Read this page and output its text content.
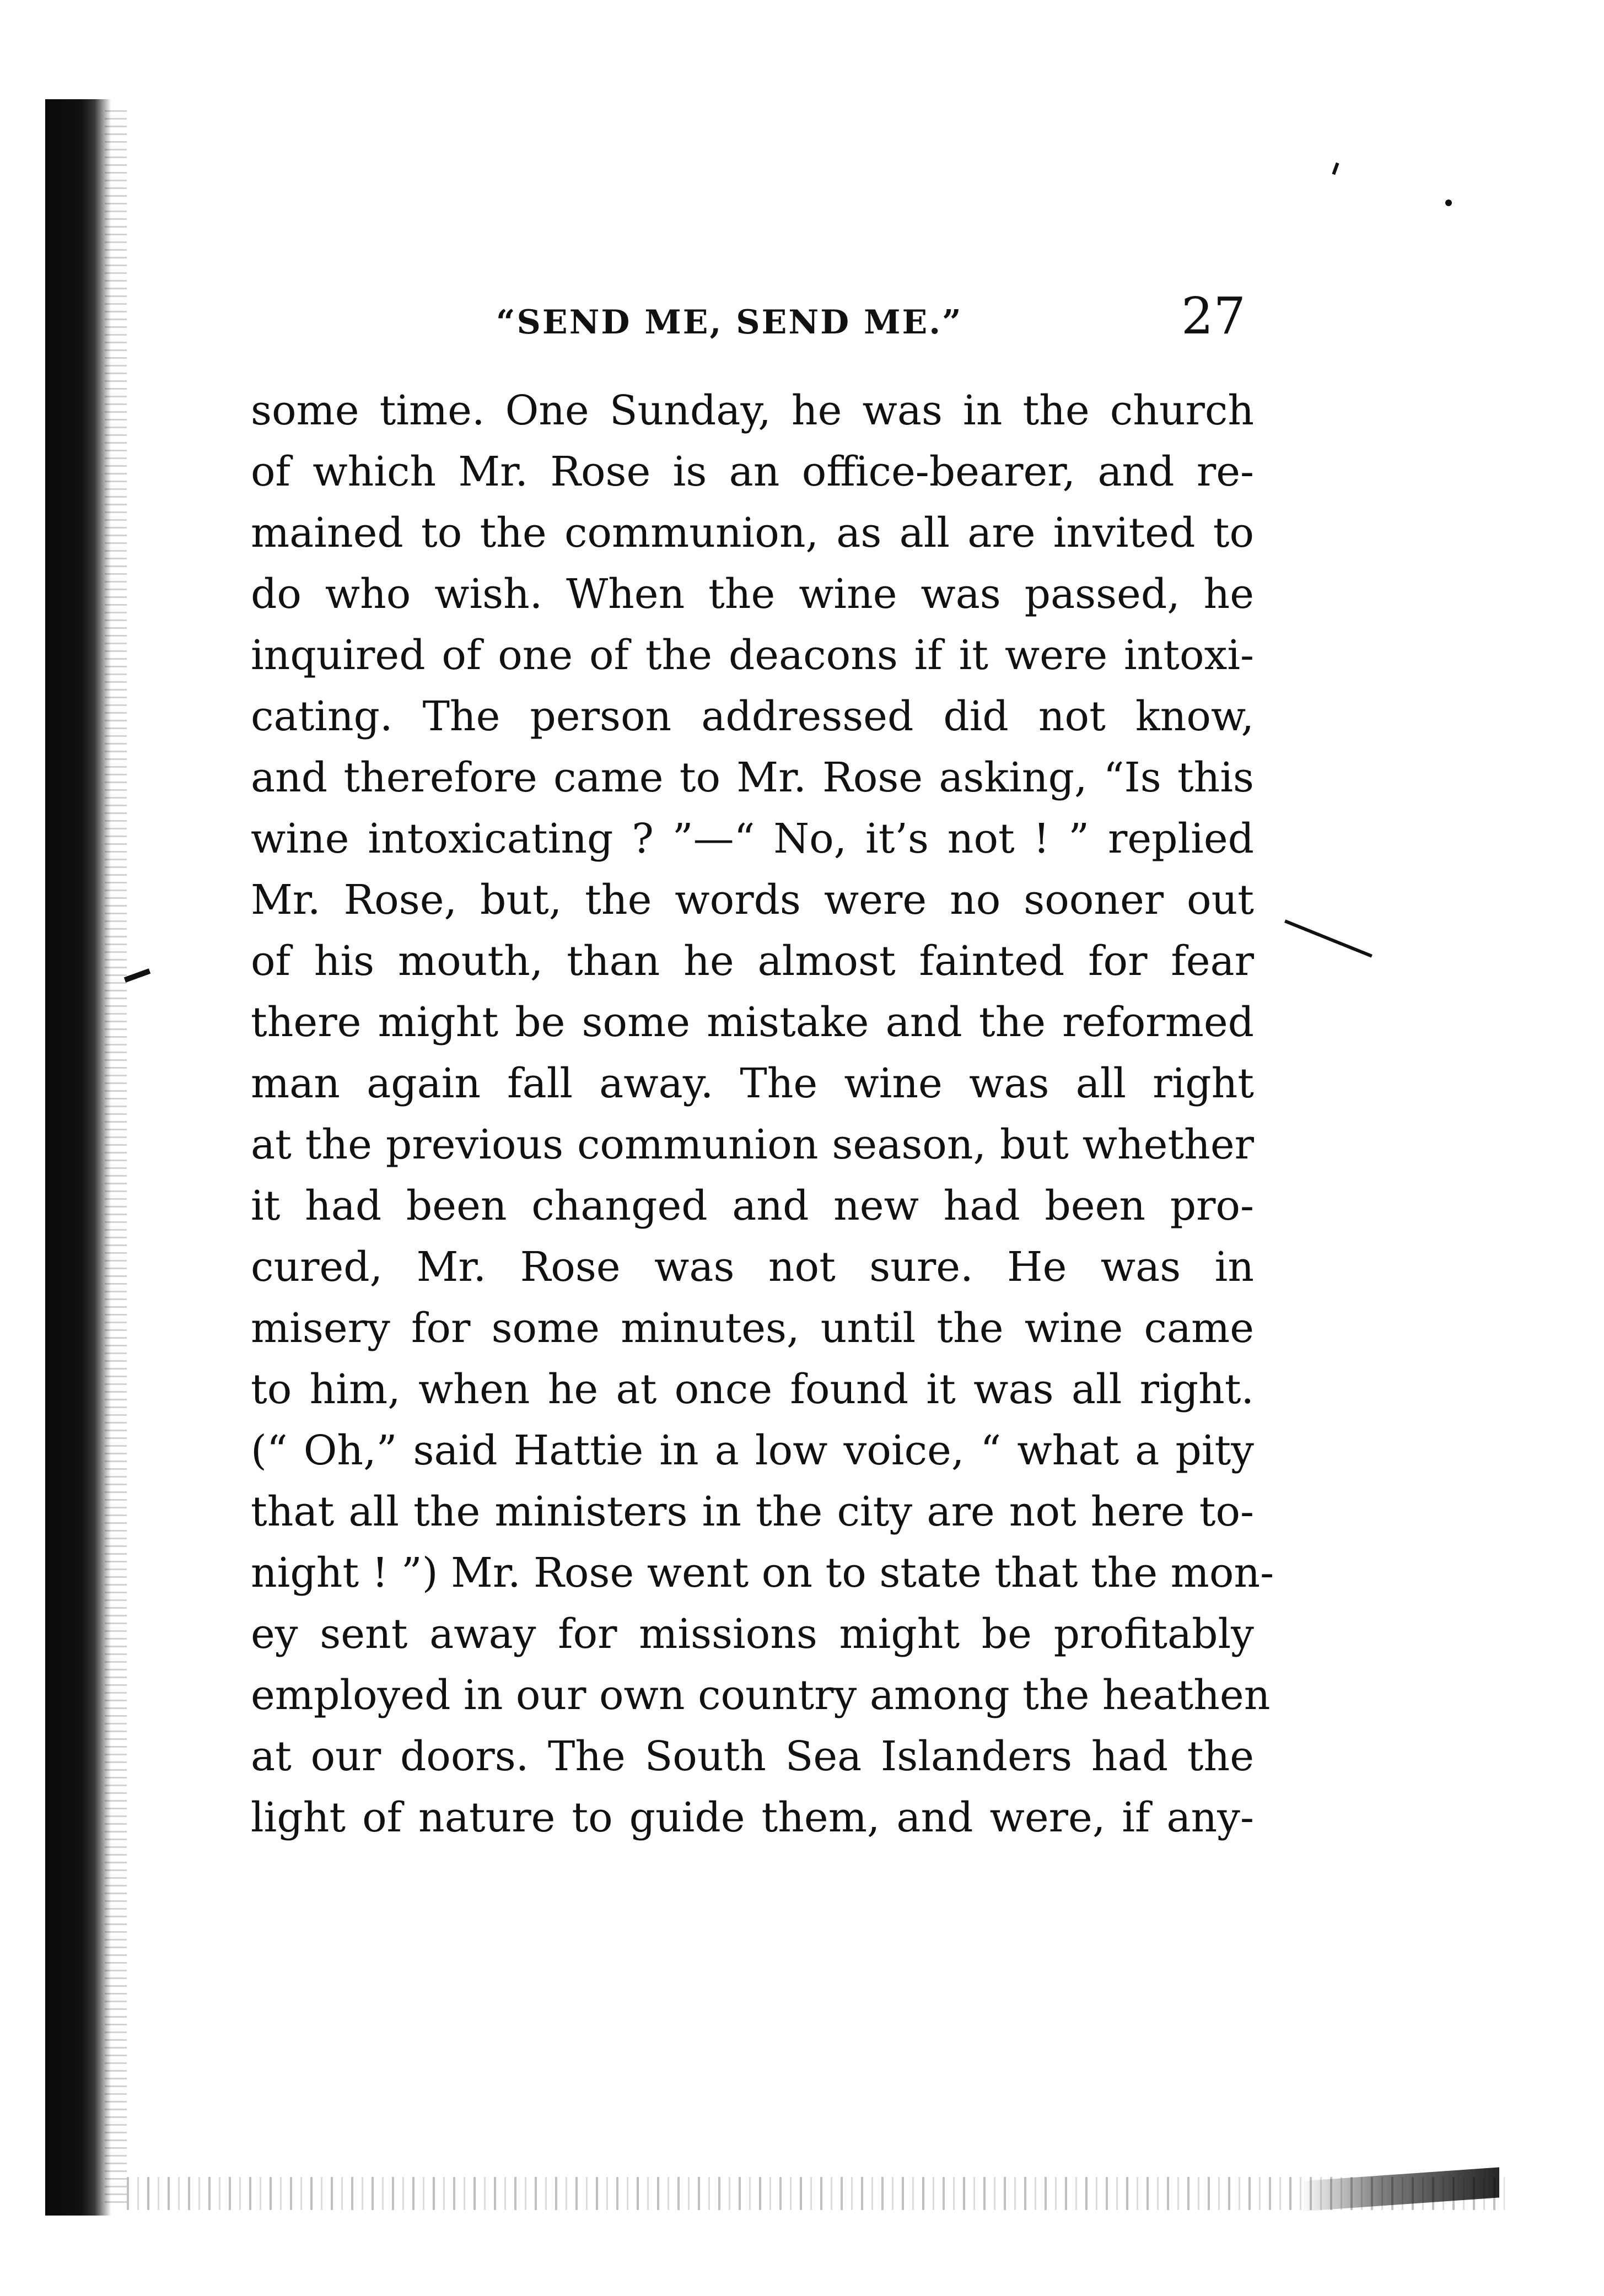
“SEND ME, SEND ME.”	27
some time. One Sunday, he was in the church
of which Mr. Rose is an office-bearer, and re-
mained to the communion, as all are invited to
do who wish. When the wine was passed, he
inquired of one of the deacons if it were intoxi-
cating. The person addressed did not know,
and therefore came to Mr. Rose asking, “Is this
wine intoxicating ? ”—“ No, it’s not ! ” replied
Mr. Rose, but, the words were no sooner out
of his mouth, than he almost fainted for fear
there might be some mistake and the reformed
man again fall away. The wine was all right
at the previous communion season, but whether
it had been changed and new had been pro-
cured, Mr. Rose was not sure. He was in
misery for some minutes, until the wine came
to him, when he at once found it was all right.
(“ Oh,” said Hattie in a low voice, “ what a pity
that all the ministers in the city are not here to-
night ! ”) Mr. Rose went on to state that the mon-
ey sent away for missions might be profitably
employed in our own country among the heathen
at our doors. The South Sea Islanders had the
light of nature to guide them, and were, if any-
